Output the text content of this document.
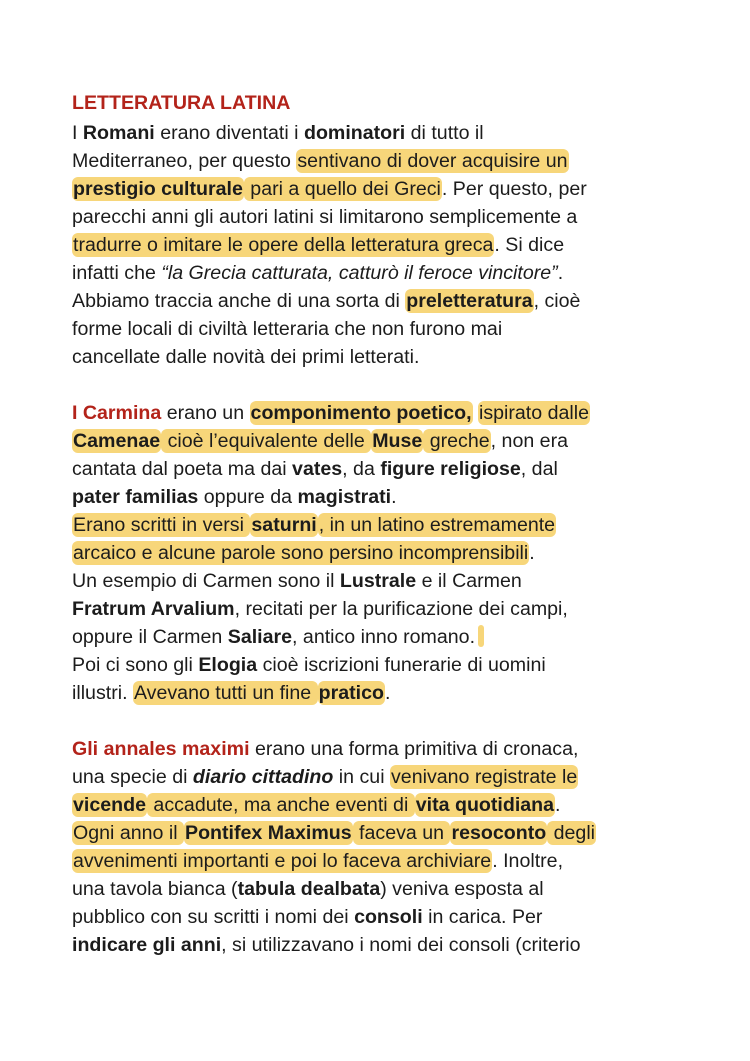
LETTERATURA LATINA
I Romani erano diventati i dominatori di tutto il
Mediterraneo, per questo sentivano di dover acquisire un
prestigio culturale pari a quello dei Greci. Per questo, per
parecchi anni gli autori latini si limitarono semplicemente a
tradurre o imitare le opere della letteratura greca. Si dice
infatti che “la Grecia catturata, catturò il feroce vincitore”.
Abbiamo traccia anche di una sorta di preletteratura, cioè
forme locali di civiltà letteraria che non furono mai
cancellate dalle novità dei primi letterati.
I Carmina erano un componimento poetico, ispirato dalle
Camenae cioè l’equivalente delle Muse greche, non era
cantata dal poeta ma dai vates, da figure religiose, dal
pater familias oppure da magistrati.
Erano scritti in versi saturni , in un latino estremamente
arcaico e alcune parole sono persino incomprensibili.
Un esempio di Carmen sono il Lustrale e il Carmen
Fratrum Arvalium, recitati per la purificazione dei campi,
oppure il Carmen Saliare, antico inno romano.
Poi ci sono gli Elogia cioè iscrizioni funerarie di uomini
illustri. Avevano tutti un fine pratico.
Gli annales maximi erano una forma primitiva di cronaca,
una specie di diario cittadino in cui venivano registrate le
vicende accadute, ma anche eventi di vita quotidiana.
Ogni anno il Pontifex Maximus faceva un resoconto degli
avvenimenti importanti e poi lo faceva archiviare. Inoltre,
una tavola bianca (tabula dealbata) veniva esposta al
pubblico con su scritti i nomi dei consoli in carica. Per
indicare gli anni, si utilizzavano i nomi dei consoli (criterio
